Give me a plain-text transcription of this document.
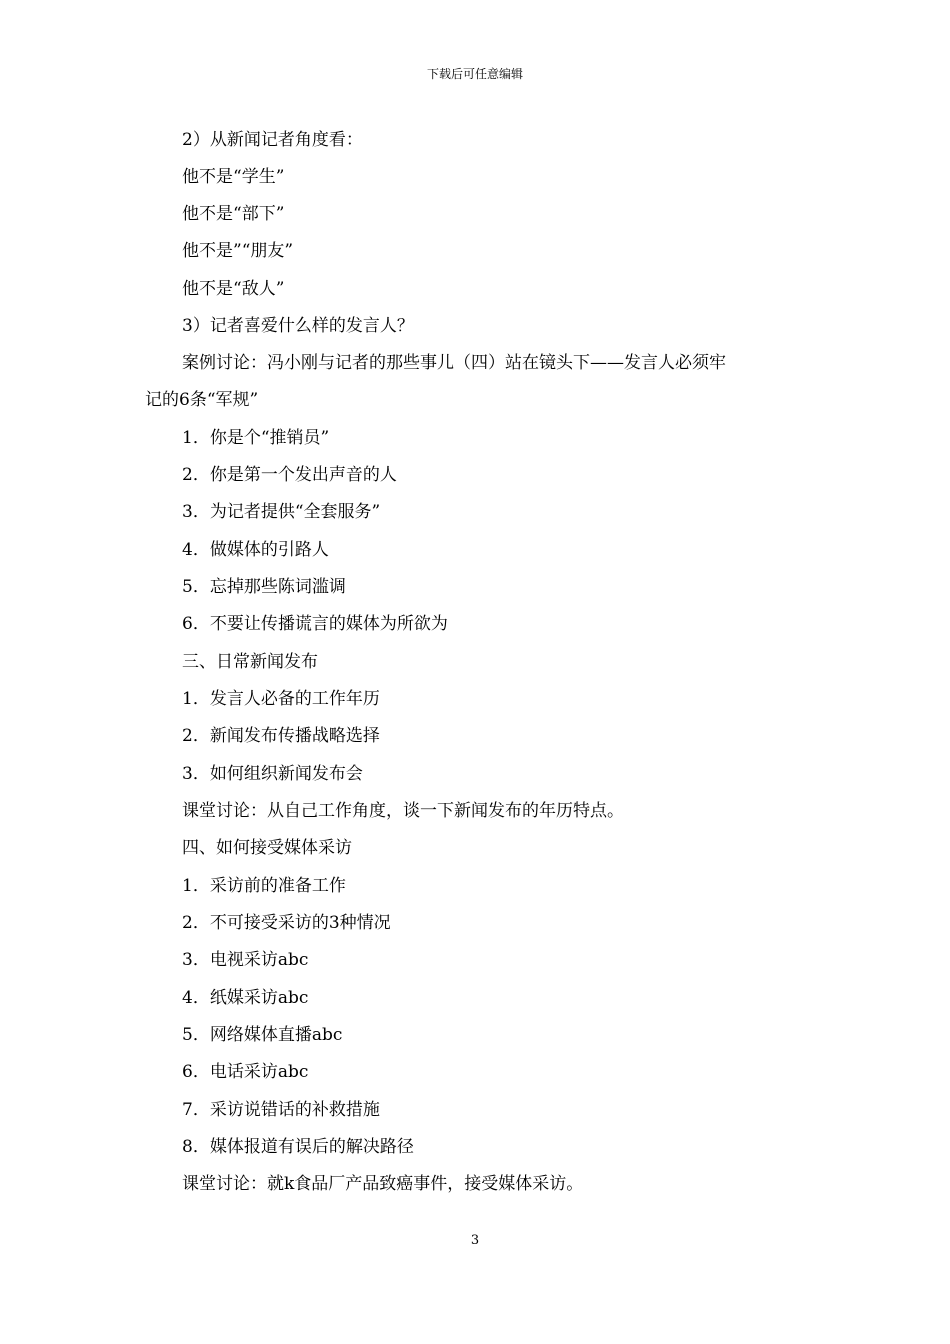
下载后可任意编辑
2）从新闻记者角度看：
他不是“学生”
他不是“部下”
他不是”“朋友”
他不是“敌人”
3）记者喜爱什么样的发言人？
案例讨论：冯小刚与记者的那些事儿（四）站在镜头下——发言人必须牢
记的6条“军规”
1．你是个“推销员”
2．你是第一个发出声音的人
3．为记者提供“全套服务”
4．做媒体的引路人
5．忘掉那些陈词滥调
6．不要让传播谎言的媒体为所欲为
三、日常新闻发布
1．发言人必备的工作年历
2．新闻发布传播战略选择
3．如何组织新闻发布会
课堂讨论：从自己工作角度，谈一下新闻发布的年历特点。
四、如何接受媒体采访
1．采访前的准备工作
2．不可接受采访的3种情况
3．电视采访abc
4．纸媒采访abc
5．网络媒体直播abc
6．电话采访abc
7．采访说错话的补救措施
8．媒体报道有误后的解决路径
课堂讨论：就k食品厂产品致癌事件，接受媒体采访。
3
